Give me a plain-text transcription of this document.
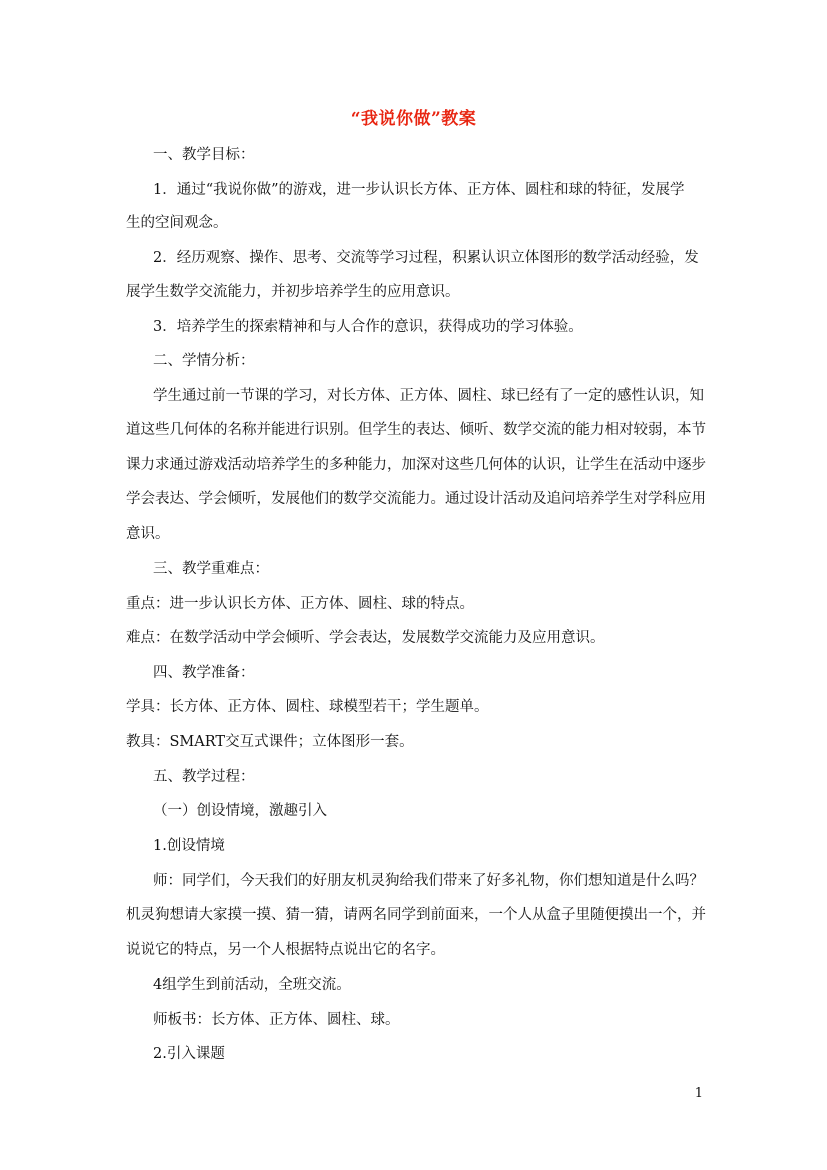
“我说你做”教案
一、教学目标：
1．通过“我说你做”的游戏，进一步认识长方体、正方体、圆柱和球的特征，发展学
生的空间观念。
2．经历观察、操作、思考、交流等学习过程，积累认识立体图形的数学活动经验，发
展学生数学交流能力，并初步培养学生的应用意识。
3．培养学生的探索精神和与人合作的意识，获得成功的学习体验。
二、学情分析：
学生通过前一节课的学习，对长方体、正方体、圆柱、球已经有了一定的感性认识，知
道这些几何体的名称并能进行识别。但学生的表达、倾听、数学交流的能力相对较弱，本节
课力求通过游戏活动培养学生的多种能力，加深对这些几何体的认识，让学生在活动中逐步
学会表达、学会倾听，发展他们的数学交流能力。通过设计活动及追问培养学生对学科应用
意识。
三、教学重难点：
重点：进一步认识长方体、正方体、圆柱、球的特点。
难点：在数学活动中学会倾听、学会表达，发展数学交流能力及应用意识。
四、教学准备：
学具：长方体、正方体、圆柱、球模型若干；学生题单。
教具：SMART交互式课件；立体图形一套。
五、教学过程：
（一）创设情境，激趣引入
1.创设情境
师：同学们，今天我们的好朋友机灵狗给我们带来了好多礼物，你们想知道是什么吗？
机灵狗想请大家摸一摸、猜一猜，请两名同学到前面来，一个人从盒子里随便摸出一个，并
说说它的特点，另一个人根据特点说出它的名字。
4组学生到前活动，全班交流。
师板书：长方体、正方体、圆柱、球。
2.引入课题
1
